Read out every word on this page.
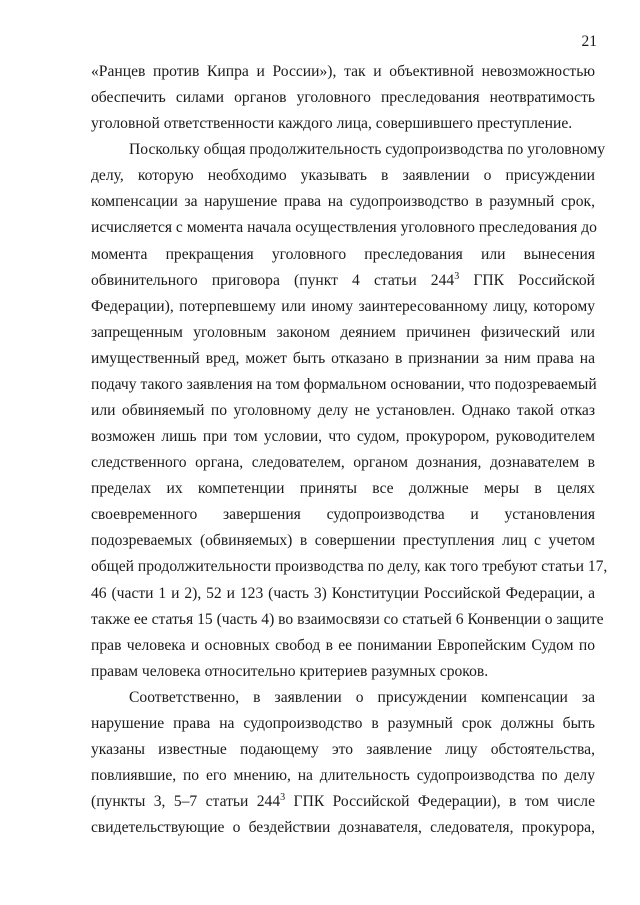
21

«Ранцев против Кипра и России»), так и объективной невозможностью
обеспечить силами органов уголовного преследования неотвратимость
уголовной ответственности каждого лица, совершившего преступление.

Поскольку общая продолжительность судопроизводства по уголовному
делу, которую необходимо указывать в заявлении о присуждении
компенсации за нарушение права на судопроизводство в разумный срок,
исчисляется с момента начала осуществления уголовного преследования до
момента прекращения уголовного преследования или вынесения
обвинительного приговора (пункт 4 статьи $244^3$ ГПК Российской
Федерации), потерпевшему или иному заинтересованному лицу, которому
запрещенным уголовным законом деянием причинен физический или
имущественный вред, может быть отказано в признании за ним права на
подачу такого заявления на том формальном основании, что подозреваемый
или обвиняемый по уголовному делу не установлен. Однако такой отказ
возможен лишь при том условии, что судом, прокурором, руководителем
следственного органа, следователем, органом дознания, дознавателем в
пределах их компетенции приняты все должные меры в целях
своевременного завершения судопроизводства и установления
подозреваемых (обвиняемых) в совершении преступления лиц с учетом
общей продолжительности производства по делу, как того требуют статьи 17,
46 (части 1 и 2), 52 и 123 (часть 3) Конституции Российской Федерации, а
также ее статья 15 (часть 4) во взаимосвязи со статьей 6 Конвенции о защите
прав человека и основных свобод в ее понимании Европейским Судом по
правам человека относительно критериев разумных сроков.

Соответственно, в заявлении о присуждении компенсации за
нарушение права на судопроизводство в разумный срок должны быть
указаны известные подающему это заявление лицу обстоятельства,
повлиявшие, по его мнению, на длительность судопроизводства по делу
(пункты 3, 5–7 статьи $244^3$ ГПК Российской Федерации), в том числе
свидетельствующие о бездействии дознавателя, следователя, прокурора,
